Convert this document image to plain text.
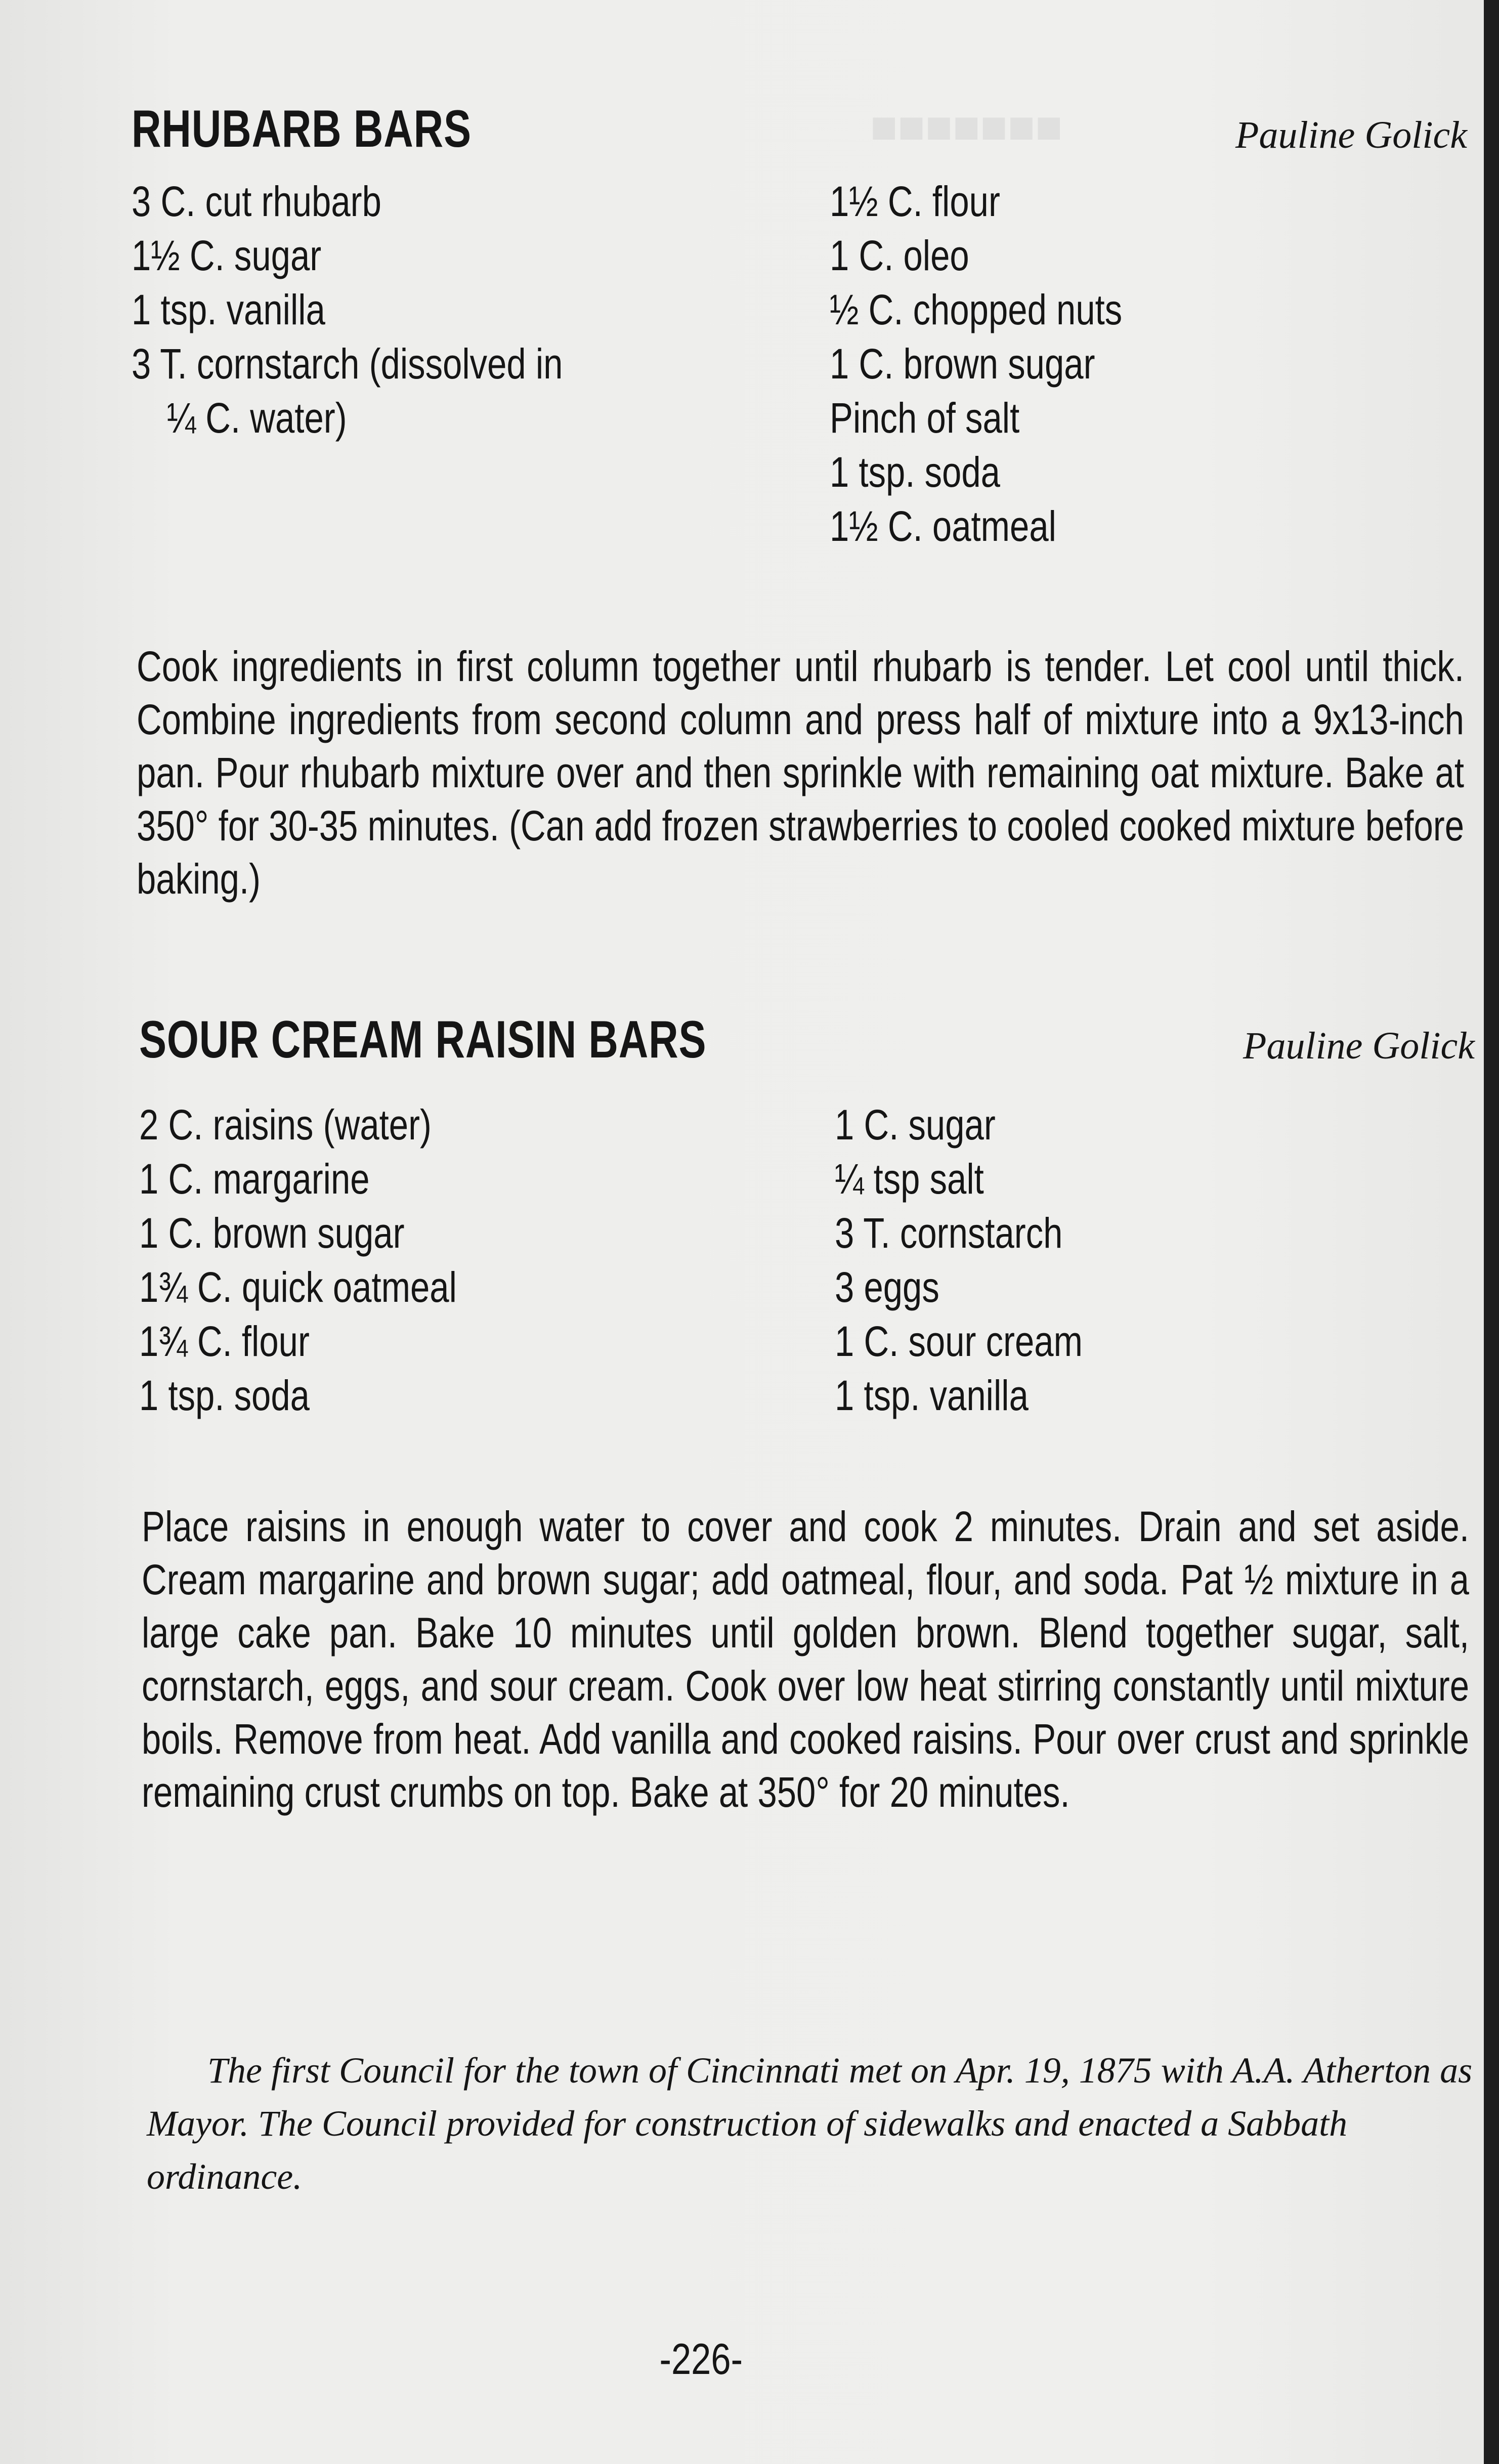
■■■■■■■
RHUBARB BARS	Pauline Golick
3 C. cut rhubarb
1½ C. sugar
1 tsp. vanilla
3 T. cornstarch (dissolved in
¼ C. water)
1½ C. flour
1 C. oleo
½ C. chopped nuts
1 C. brown sugar
Pinch of salt
1 tsp. soda
1½ C. oatmeal
Cook ingredients in first column together until rhubarb is tender. Let cool until thick. Combine ingredients from second column and press half of mixture into a 9x13-inch pan. Pour rhubarb mixture over and then sprinkle with remaining oat mixture. Bake at 350° for 30-35 minutes. (Can add frozen strawberries to cooled cooked mixture before baking.)
SOUR CREAM RAISIN BARS	Pauline Golick
2 C. raisins (water)
1 C. margarine
1 C. brown sugar
1¾ C. quick oatmeal
1¾ C. flour
1 tsp. soda
1 C. sugar
¼ tsp salt
3 T. cornstarch
3 eggs
1 C. sour cream
1 tsp. vanilla
Place raisins in enough water to cover and cook 2 minutes. Drain and set aside. Cream margarine and brown sugar; add oatmeal, flour, and soda. Pat ½ mixture in a large cake pan. Bake 10 minutes until golden brown. Blend together sugar, salt, cornstarch, eggs, and sour cream. Cook over low heat stirring constantly until mixture boils. Remove from heat. Add vanilla and cooked raisins. Pour over crust and sprinkle remaining crust crumbs on top. Bake at 350° for 20 minutes.
The first Council for the town of Cincinnati met on Apr. 19, 1875 with A.A. Atherton as Mayor. The Council provided for construction of sidewalks and enacted a Sabbath ordinance.
-226-
